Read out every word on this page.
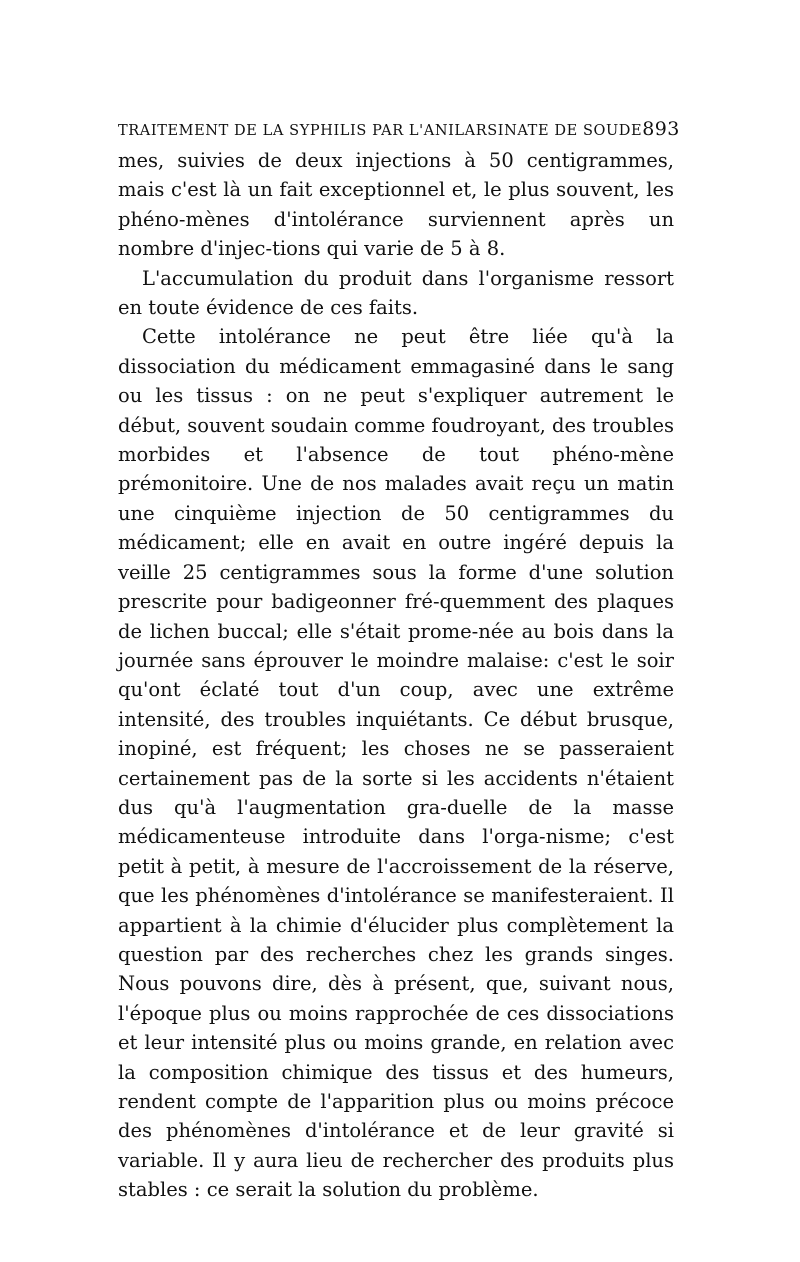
TRAITEMENT DE LA SYPHILIS PAR L'ANILARSINATE DE SOUDE 893

mes, suivies de deux injections à 50 centigrammes, mais c'est là un fait exceptionnel et, le plus souvent, les phéno-mènes d'intolérance surviennent après un nombre d'injec-tions qui varie de 5 à 8.

L'accumulation du produit dans l'organisme ressort en toute évidence de ces faits.

Cette intolérance ne peut être liée qu'à la dissociation du médicament emmagasiné dans le sang ou les tissus : on ne peut s'expliquer autrement le début, souvent soudain comme foudroyant, des troubles morbides et l'absence de tout phéno-mène prémonitoire. Une de nos malades avait reçu un matin une cinquième injection de 50 centigrammes du médicament; elle en avait en outre ingéré depuis la veille 25 centigrammes sous la forme d'une solution prescrite pour badigeonner fré-quemment des plaques de lichen buccal; elle s'était prome-née au bois dans la journée sans éprouver le moindre malaise: c'est le soir qu'ont éclaté tout d'un coup, avec une extrême intensité, des troubles inquiétants. Ce début brusque, inopiné, est fréquent; les choses ne se passeraient certainement pas de la sorte si les accidents n'étaient dus qu'à l'augmentation gra-duelle de la masse médicamenteuse introduite dans l'orga-nisme; c'est petit à petit, à mesure de l'accroissement de la réserve, que les phénomènes d'intolérance se manifesteraient. Il appartient à la chimie d'élucider plus complètement la question par des recherches chez les grands singes. Nous pouvons dire, dès à présent, que, suivant nous, l'époque plus ou moins rapprochée de ces dissociations et leur intensité plus ou moins grande, en relation avec la composition chimique des tissus et des humeurs, rendent compte de l'apparition plus ou moins précoce des phénomènes d'intolérance et de leur gravité si variable. Il y aura lieu de rechercher des produits plus stables : ce serait la solution du problème.
